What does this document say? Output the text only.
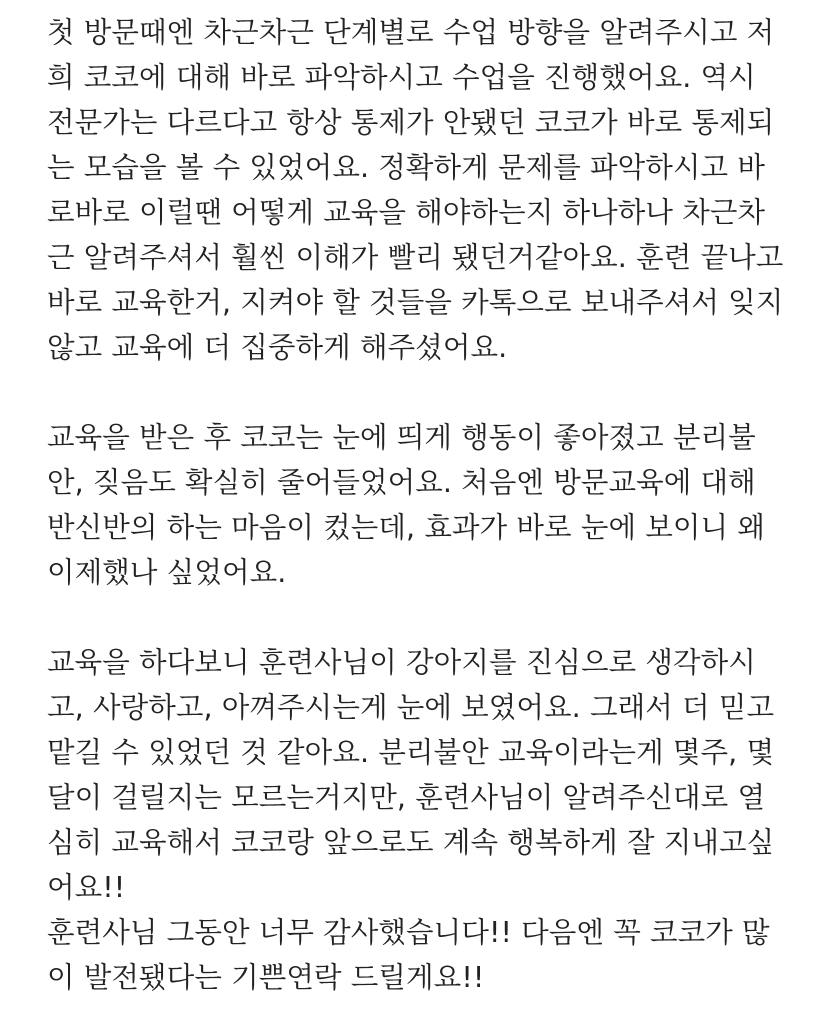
첫 방문때엔 차근차근 단계별로 수업 방향을 알려주시고 저
희 코코에 대해 바로 파악하시고 수업을 진행했어요. 역시
전문가는 다르다고 항상 통제가 안됐던 코코가 바로 통제되
는 모습을 볼 수 있었어요. 정확하게 문제를 파악하시고 바
로바로 이럴땐 어떻게 교육을 해야하는지 하나하나 차근차
근 알려주셔서 훨씬 이해가 빨리 됐던거같아요. 훈련 끝나고
바로 교육한거, 지켜야 할 것들을 카톡으로 보내주셔서 잊지
않고 교육에 더 집중하게 해주셨어요.
교육을 받은 후 코코는 눈에 띄게 행동이 좋아졌고 분리불
안, 짖음도 확실히 줄어들었어요. 처음엔 방문교육에 대해
반신반의 하는 마음이 컸는데, 효과가 바로 눈에 보이니 왜
이제했나 싶었어요.
교육을 하다보니 훈련사님이 강아지를 진심으로 생각하시
고, 사랑하고, 아껴주시는게 눈에 보였어요. 그래서 더 믿고
맡길 수 있었던 것 같아요. 분리불안 교육이라는게 몇주, 몇
달이 걸릴지는 모르는거지만, 훈련사님이 알려주신대로 열
심히 교육해서 코코랑 앞으로도 계속 행복하게 잘 지내고싶
어요!!
훈련사님 그동안 너무 감사했습니다!! 다음엔 꼭 코코가 많
이 발전됐다는 기쁜연락 드릴게요!!
